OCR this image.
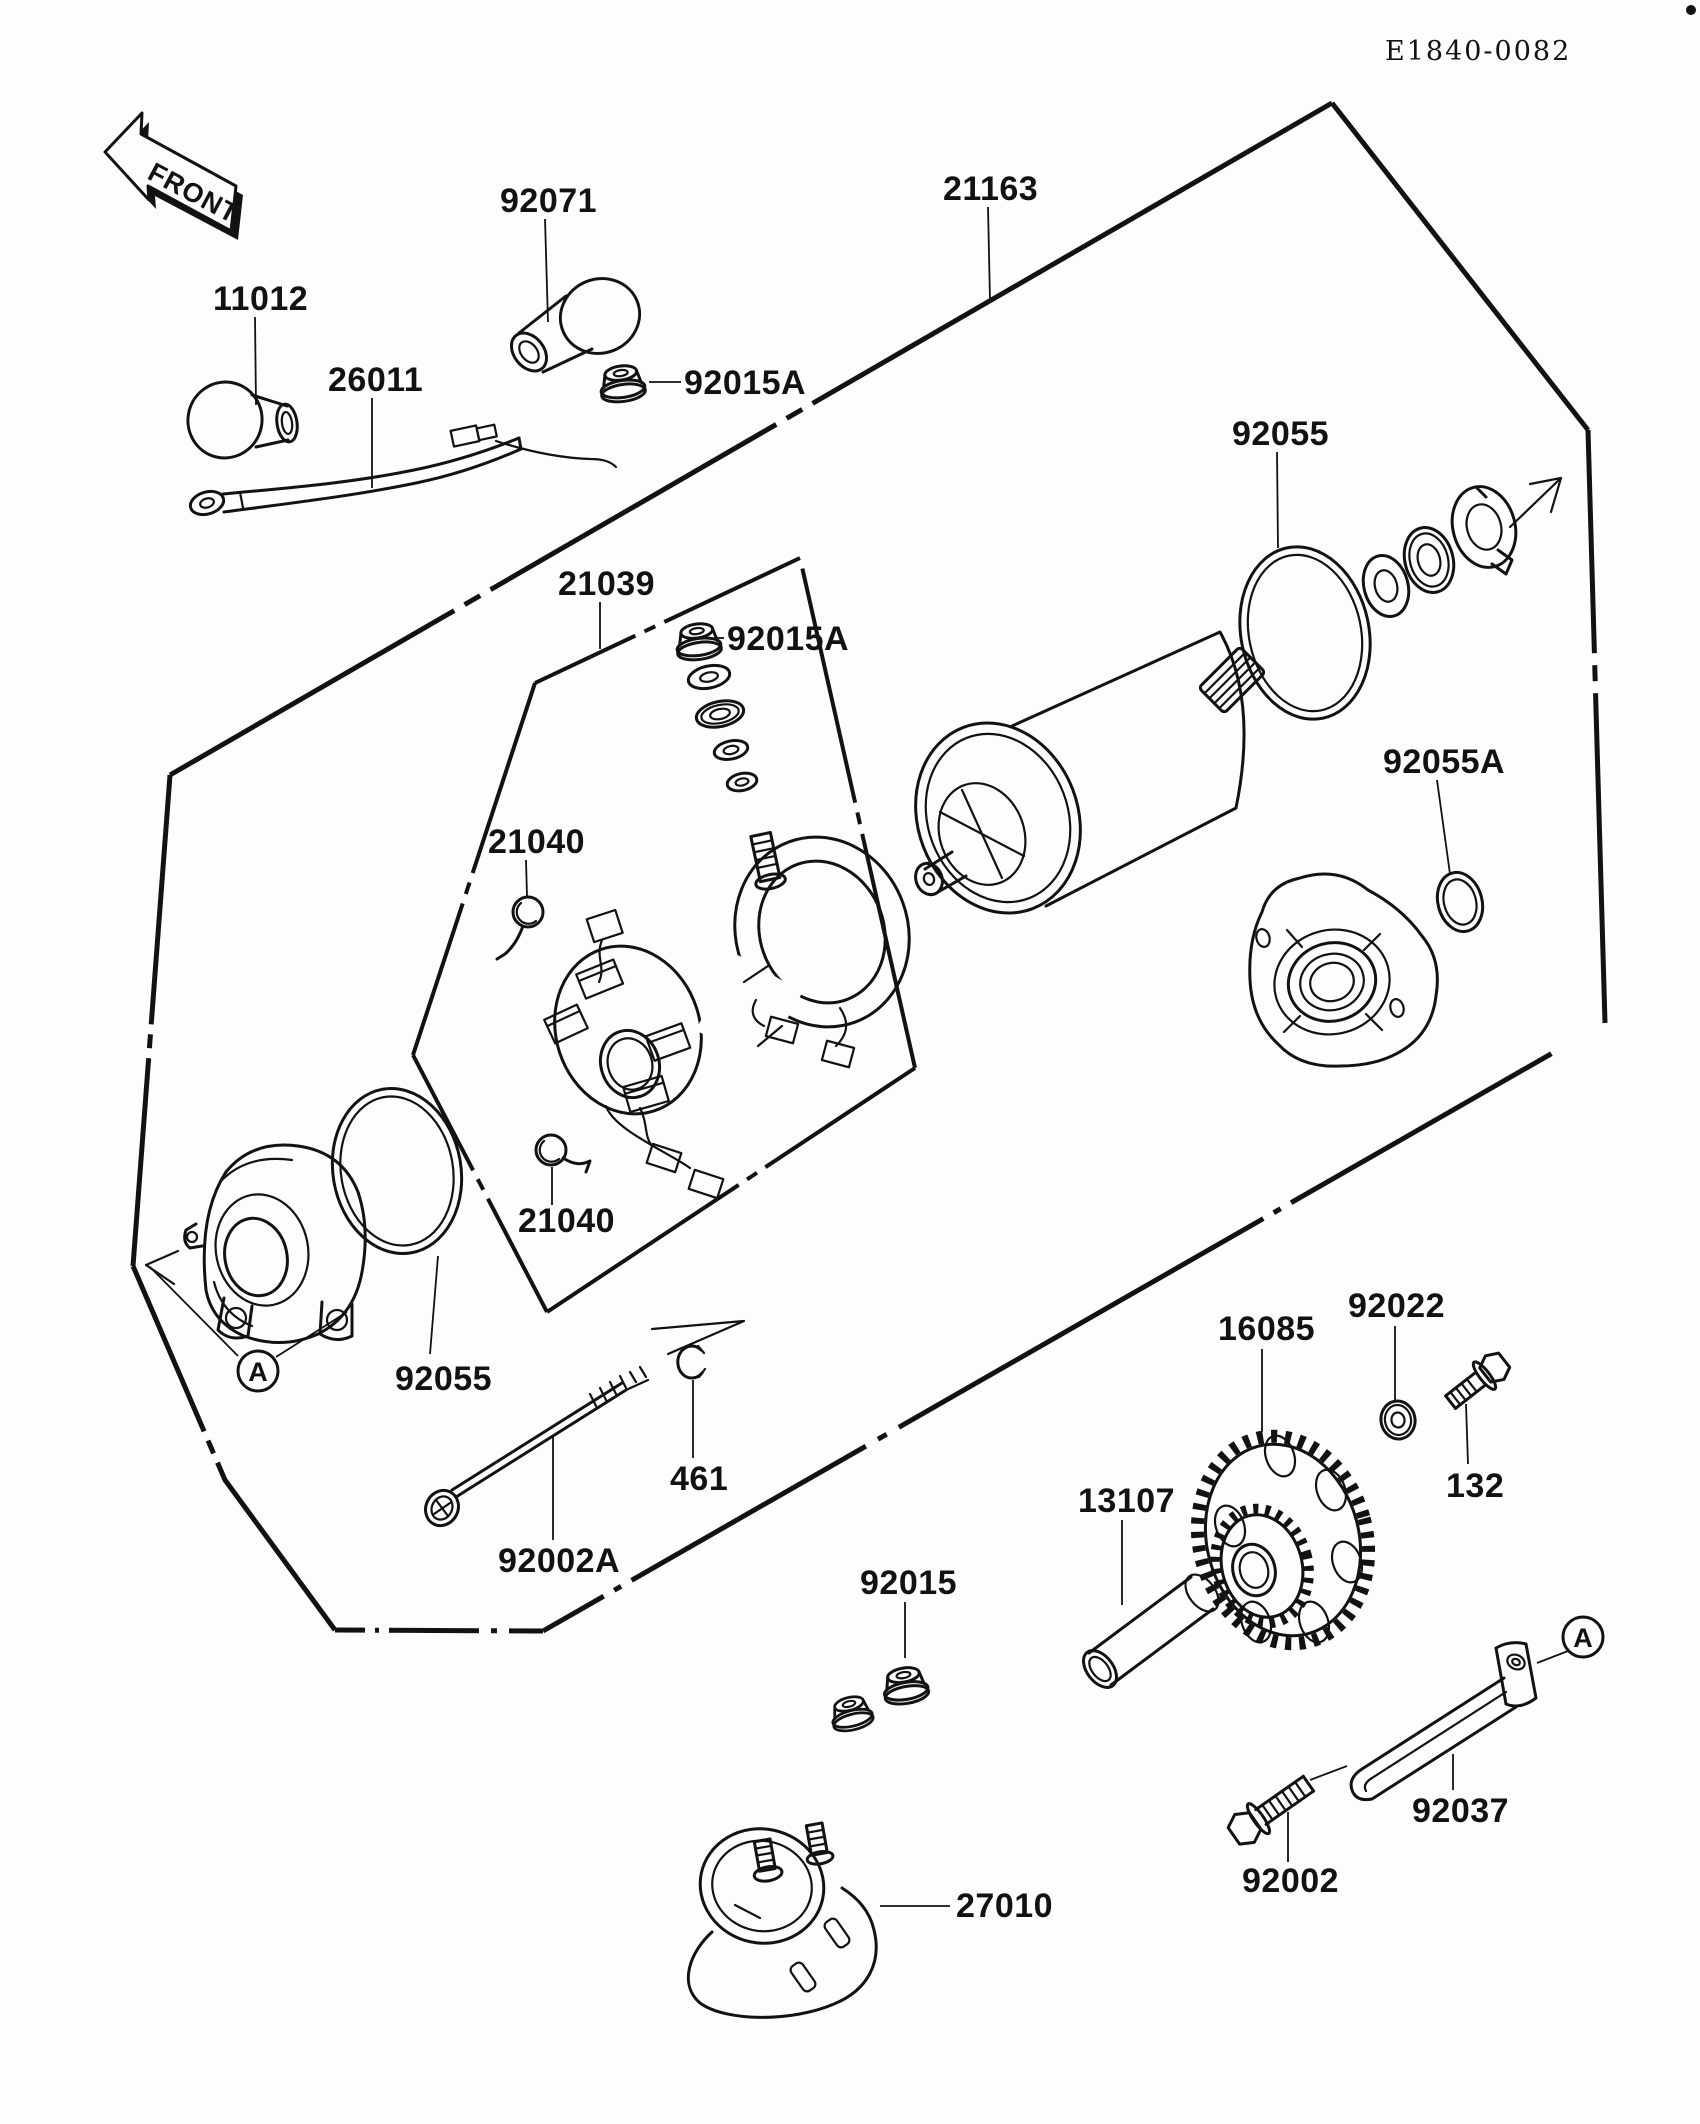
FRONT
A
A
E1840-0082
92071
11012
26011	92015A
21163
92055
92055A
21039
92015A
21040
21040
92055
92002A
461
92015
27010
16085
92022
132
13107
92037
92002
